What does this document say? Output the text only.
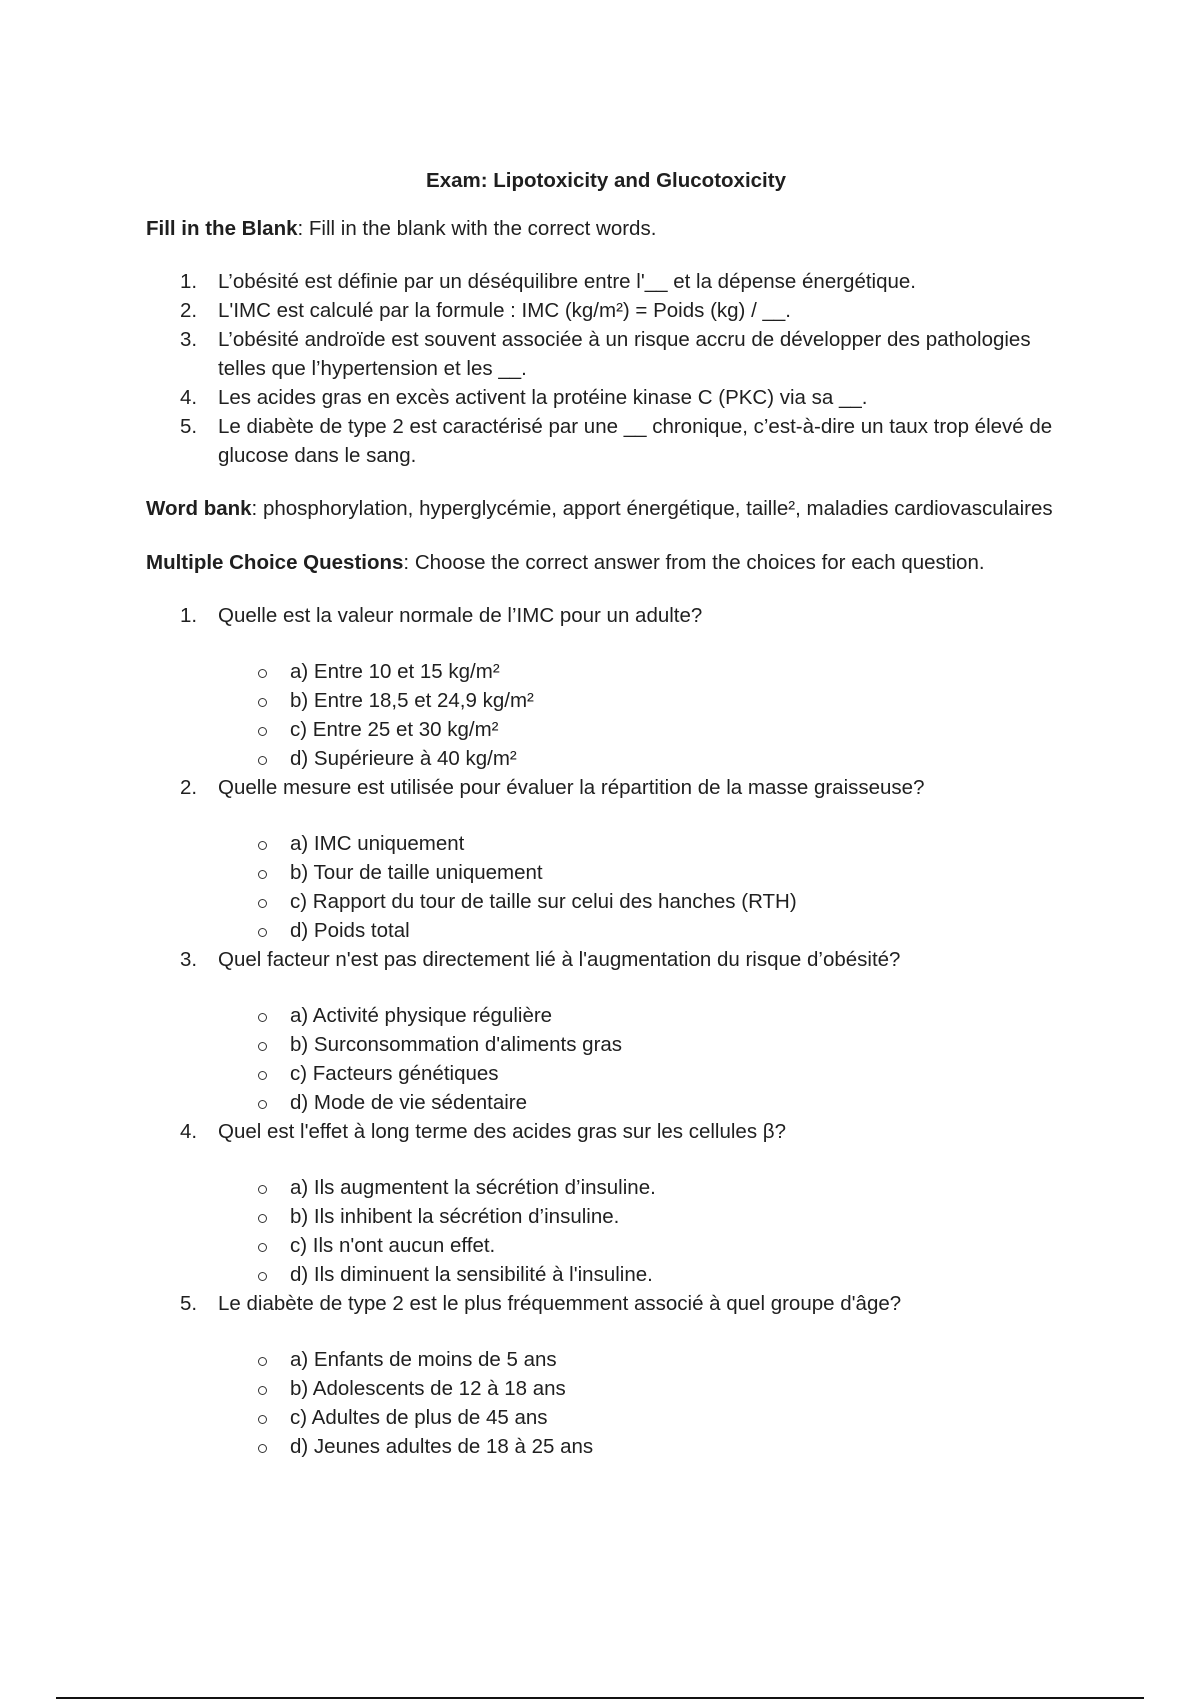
Exam: Lipotoxicity and Glucotoxicity

Fill in the Blank: Fill in the blank with the correct words.

1. L’obésité est définie par un déséquilibre entre l'__ et la dépense énergétique.
2. L'IMC est calculé par la formule : IMC (kg/m²) = Poids (kg) / __.
3. L’obésité androïde est souvent associée à un risque accru de développer des pathologies telles que l’hypertension et les __.
4. Les acides gras en excès activent la protéine kinase C (PKC) via sa __.
5. Le diabète de type 2 est caractérisé par une __ chronique, c’est-à-dire un taux trop élevé de glucose dans le sang.

Word bank: phosphorylation, hyperglycémie, apport énergétique, taille², maladies cardiovasculaires

Multiple Choice Questions: Choose the correct answer from the choices for each question.

1. Quelle est la valeur normale de l’IMC pour un adulte?
a) Entre 10 et 15 kg/m²
b) Entre 18,5 et 24,9 kg/m²
c) Entre 25 et 30 kg/m²
d) Supérieure à 40 kg/m²
2. Quelle mesure est utilisée pour évaluer la répartition de la masse graisseuse?
a) IMC uniquement
b) Tour de taille uniquement
c) Rapport du tour de taille sur celui des hanches (RTH)
d) Poids total
3. Quel facteur n'est pas directement lié à l'augmentation du risque d’obésité?
a) Activité physique régulière
b) Surconsommation d'aliments gras
c) Facteurs génétiques
d) Mode de vie sédentaire
4. Quel est l'effet à long terme des acides gras sur les cellules β?
a) Ils augmentent la sécrétion d’insuline.
b) Ils inhibent la sécrétion d’insuline.
c) Ils n'ont aucun effet.
d) Ils diminuent la sensibilité à l'insuline.
5. Le diabète de type 2 est le plus fréquemment associé à quel groupe d'âge?
a) Enfants de moins de 5 ans
b) Adolescents de 12 à 18 ans
c) Adultes de plus de 45 ans
d) Jeunes adultes de 18 à 25 ans
